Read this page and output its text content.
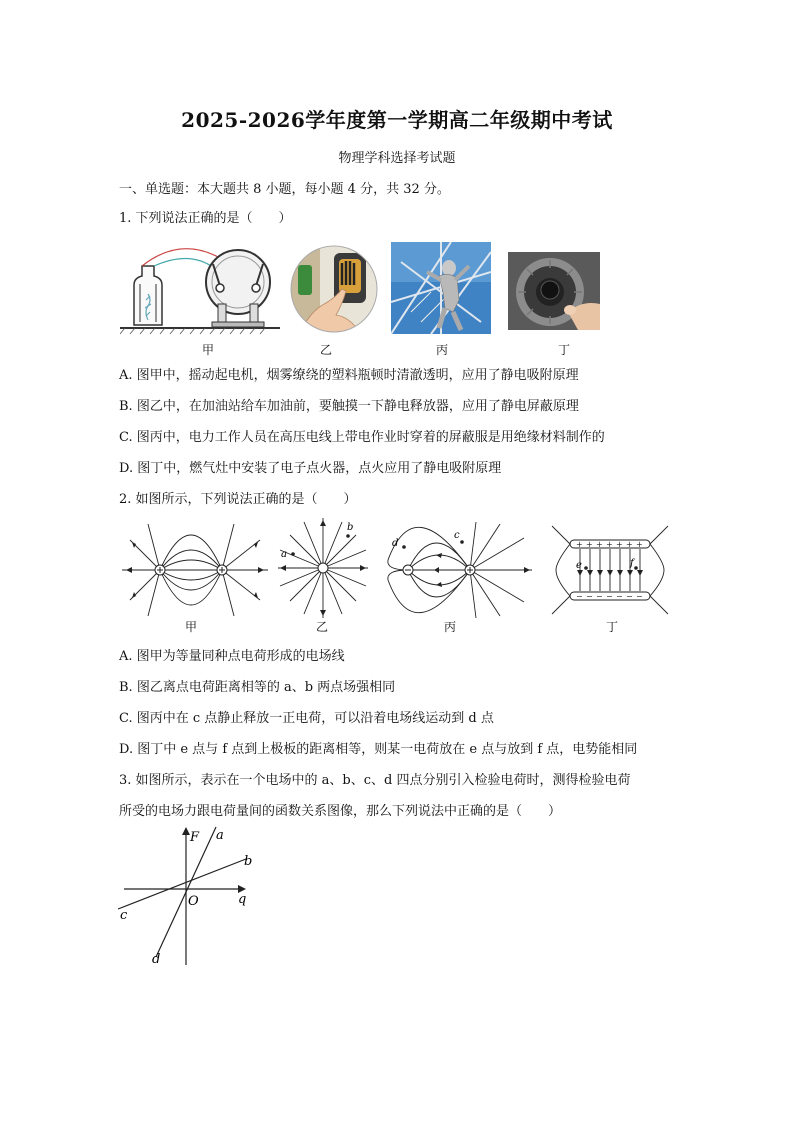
2025-2026学年度第一学期高二年级期中考试
物理学科选择考试题
一、单选题：本大题共 8 小题，每小题 4 分，共 32 分。
1. 下列说法正确的是（　　）
甲	乙	丙	丁
A. 图甲中，摇动起电机，烟雾缭绕的塑料瓶顿时清澈透明，应用了静电吸附原理
B. 图乙中，在加油站给车加油前，要触摸一下静电释放器，应用了静电屏蔽原理
C. 图丙中，电力工作人员在高压电线上带电作业时穿着的屏蔽服是用绝缘材料制作的
D. 图丁中，燃气灶中安装了电子点火器，点火应用了静电吸附原理
2. 如图所示，下列说法正确的是（　　）
甲
a
b
乙
d
c
丙
+ + + + + + +
− − − − − − −
e	f
丁
A. 图甲为等量同种点电荷形成的电场线
B. 图乙离点电荷距离相等的 a、b 两点场强相同
C. 图丙中在 c 点静止释放一正电荷，可以沿着电场线运动到 d 点
D. 图丁中 e 点与 f 点到上极板的距离相等，则某一电荷放在 e 点与放到 f 点，电势能相同
3. 如图所示，表示在一个电场中的 a、b、c、d 四点分别引入检验电荷时，测得检验电荷
所受的电场力跟电荷量间的函数关系图像，那么下列说法中正确的是（　　）
F
q
O
a
b
c
d
